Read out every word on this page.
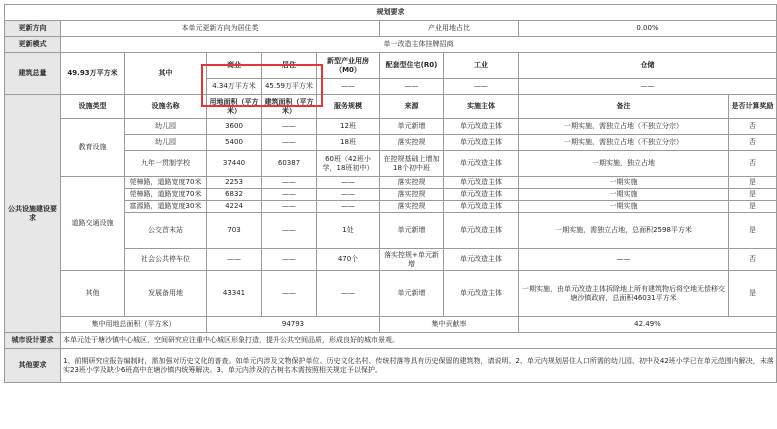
规划要求									
更新方向	本单元更新方向为居住类					产业用地占比		0.00%	
更新模式	单一改造主体挂牌招商								
建筑总量	49.93万平方米	其中	商业	居住	新型产业用房（M0）	配套型住宅(R0)	工业	仓储	
			4.34万平方米	45.59万平方米	——	——	——	——	
公共设施建设要求	设施类型	设施名称	用地面积（平方米）	建筑面积（平方米）	服务规模	来源	实施主体	备注	是否计算奖励
	教育设施	幼儿园	3600	——	12班	单元新增	单元改造主体	一期实施，需独立占地（不独立分宗）	否
		幼儿园	5400	——	18班	落实控规	单元改造主体	一期实施，需独立占地（不独立分宗）	否
		九年一贯制学校	37440	60387	60班（42班小学，18班初中）	在控规基础上增加18个初中班	单元改造主体	一期实施，独立占地	否
	道路交通设施	莞樟路，道路宽度70米	2253	——	——	落实控规	单元改造主体	一期实施	是
		莞樟路，道路宽度70米	6832	——	——	落实控规	单元改造主体	一期实施	是
		富源路，道路宽度30米	4224	——	——	落实控规	单元改造主体	一期实施	是
		公交首末站	703	——	1处	单元新增	单元改造主体	一期实施，需独立占地，总面积2598平方米	是
		社会公共停车位	——	——	470个	落实控规+单元新增	单元改造主体	——	否
	其他	发展备用地	43341	——	——	单元新增	单元改造主体	一期实施，由单元改造主体拆除地上所有建筑物后将空地无偿移交塘沙镇政府，总面积46031平方米	是
	集中用地总面积（平方米）		94793			集中贡献率		42.49%	
城市设计要求	本单元处于塘沙镇中心城区，空间研究应注重中心城区形象打造，提升公共空间品质，形成良好的城市景观。								
其他要求	1、前期研究应报告编制时，需加强对历史文化的普查。如单元内涉及文物保护单位、历史文化名村、传统村落等具有历史保留的建筑物，请说明。2、单元内规划居住人口所需的幼儿园、初中及42班小学已在单元范围内解决，未落实23班小学及缺少6班高中在塘沙镇内统筹解决。3、单元内涉及的古树名木需按照相关规定予以保护。								
